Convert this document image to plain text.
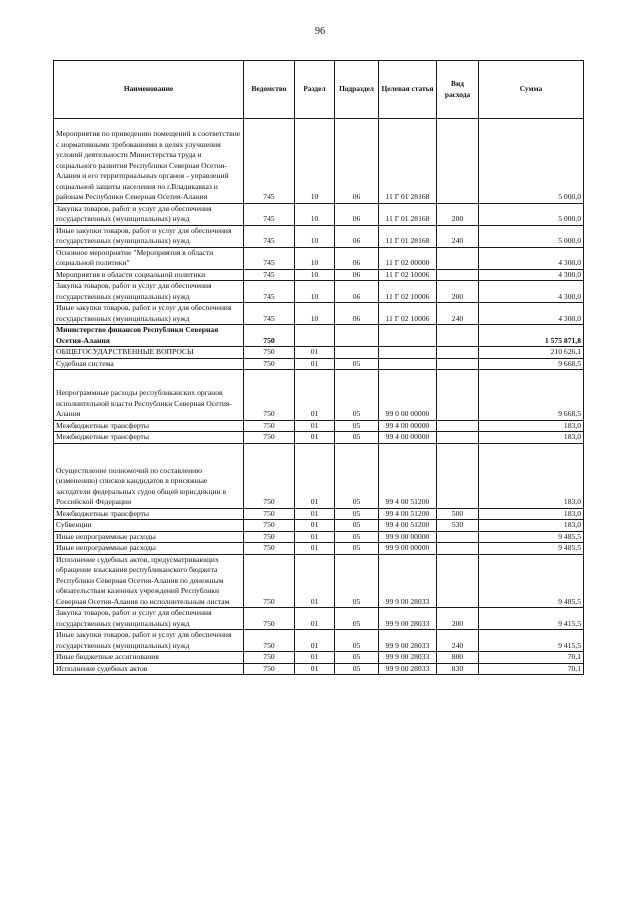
96
Наименование	Ведомство	Раздел	Подраздел	Целевая статья	Вид расхода	Сумма
Мероприятия по приведению помещений в соответствие с нормативными требованиями в целях улучшения условий деятельности Министерства труда и социального развития Республики Северная Осетия-Алания и его территориальных органов - управлений социальной защиты населения по г.Владикавказ и районам Республики Северная Осетия-Алания	745	10	06	11 Г 01 28168		5 000,0
Закупка товаров, работ и услуг для обеспечения государственных (муниципальных) нужд	745	10	06	11 Г 01 28168	200	5 000,0
Иные закупки товаров, работ и услуг для обеспечения государственных (муниципальных) нужд	745	10	06	11 Г 01 28168	240	5 000,0
Основное мероприятие "Мероприятия в области социальной политики"	745	10	06	11 Г 02 00000		4 300,0
Мероприятия в области социальной политики	745	10	06	11 Г 02 10006		4 300,0
Закупка товаров, работ и услуг для обеспечения государственных (муниципальных) нужд	745	10	06	11 Г 02 10006	200	4 300,0
Иные закупки товаров, работ и услуг для обеспечения государственных (муниципальных) нужд	745	10	06	11 Г 02 10006	240	4 300,0
Министерство финансов Республики Северная Осетия-Алания	750					1 575 871,8
ОБЩЕГОСУДАРСТВЕННЫЕ ВОПРОСЫ	750	01				210 626,1
Судебная система	750	01	05			9 668,5
Непрограммные расходы республиканских органов исполнительной власти Республики Северная Осетия-Алания	750	01	05	99 0 00 00000		9 668,5
Межбюджетные трансферты	750	01	05	99 4 00 00000		183,0
Межбюджетные трансферты	750	01	05	99 4 00 00000		183,0
Осуществление полномочий по составлению (изменению) списков кандидатов в присяжные заседатели федеральных судов общей юрисдикции в Российской Федерации	750	01	05	99 4 00 51200		183,0
Межбюджетные трансферты	750	01	05	99 4 00 51200	500	183,0
Субвенции	750	01	05	99 4 00 51200	530	183,0
Иные непрограммные расходы	750	01	05	99 9 00 00000		9 485,5
Иные непрограммные расходы	750	01	05	99 9 00 00000		9 485,5
Исполнение судебных актов, предусматривающих обращение взыскания республиканского бюджета Республики Северная Осетия-Алания по денежным обязательствам казенных учреждений Республики Северная Осетия-Алания по исполнительным листам	750	01	05	99 9 00 28033		9 485,5
Закупка товаров, работ и услуг для обеспечения государственных (муниципальных) нужд	750	01	05	99 9 00 28033	200	9 415,5
Иные закупки товаров, работ и услуг для обеспечения государственных (муниципальных) нужд	750	01	05	99 9 00 28033	240	9 415,5
Иные бюджетные ассигнования	750	01	05	99 9 00 28033	800	70,1
Исполнение судебных актов	750	01	05	99 9 00 28033	830	70,1
